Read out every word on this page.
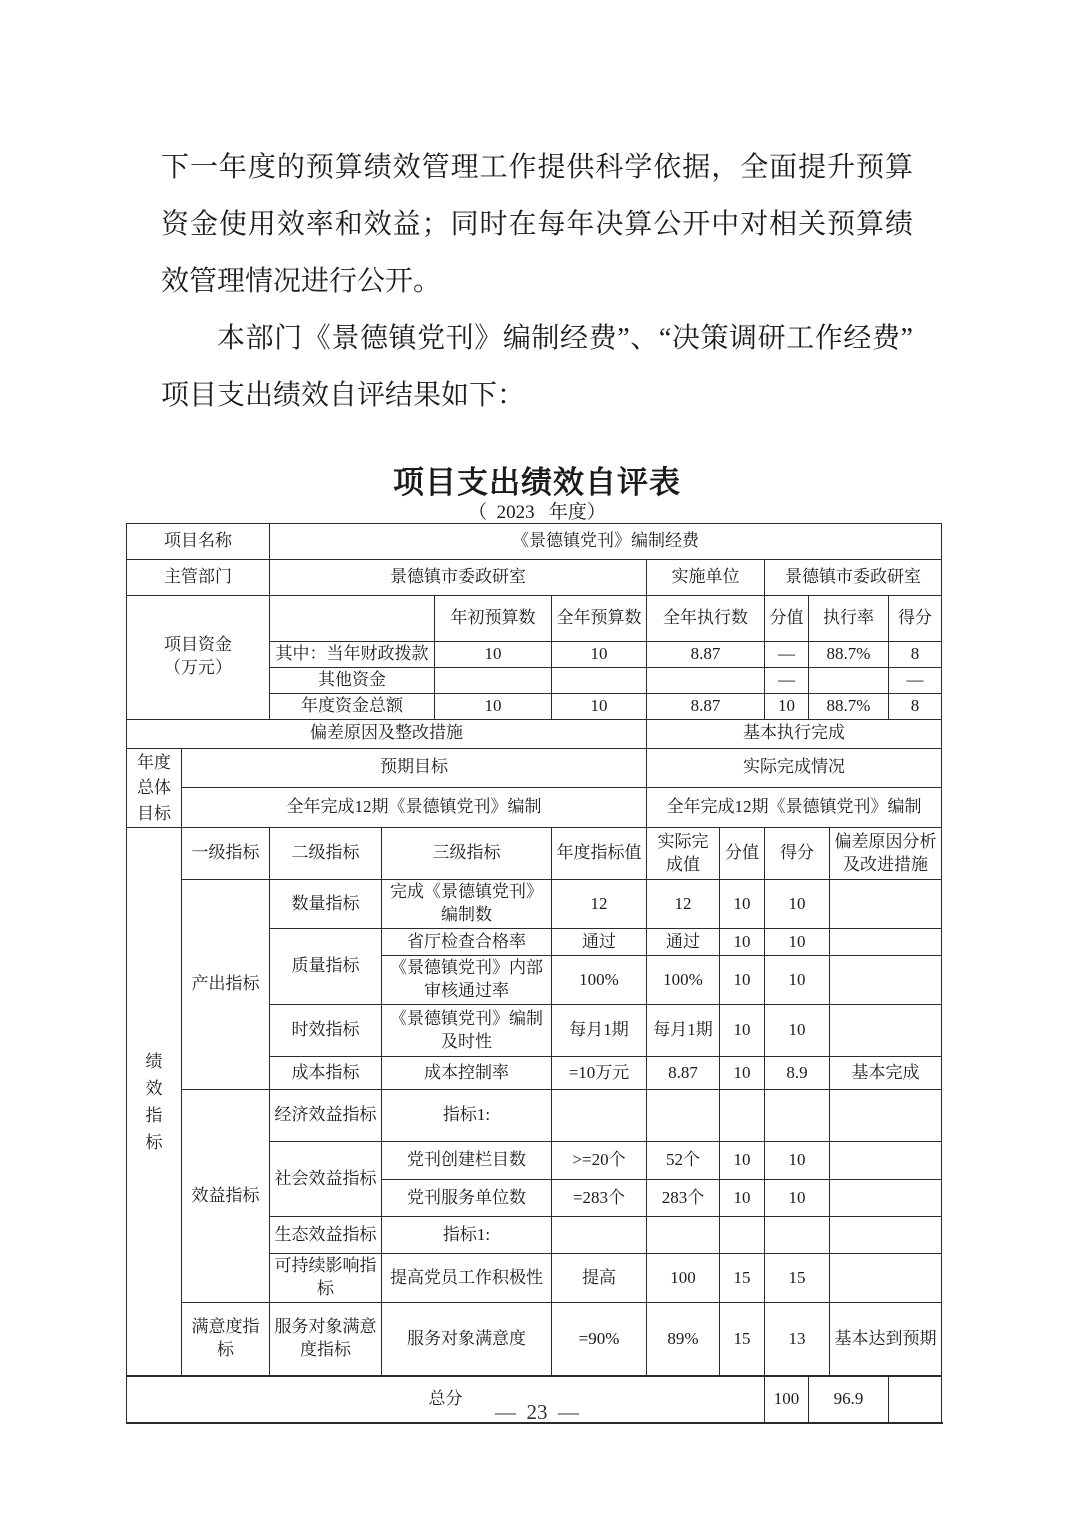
下一年度的预算绩效管理工作提供科学依据，全面提升预算资金使用效率和效益；同时在每年决算公开中对相关预算绩效管理情况进行公开。

本部门《景德镇党刊》编制经费”、“决策调研工作经费”　项目支出绩效自评结果如下：

项目支出绩效自评表
（  2023   年度）
项目名称		《景德镇党刊》编制经费									
主管部门		景德镇市委政研室				实施单位		景德镇市委政研室			

项目资金（万元）				年初预算数	全年预算数	全年执行数		分值	执行率		得分
		其中：当年财政拨款		10	10	8.87		—	88.7%		8
		其他资金						—			—
		年度资金总额		10	10	8.87		10	88.7%		8
偏差原因及整改措施						基本执行完成					

年度总体目标	预期目标					实际完成情况					
	全年完成12期《景德镇党刊》编制					全年完成12期《景德镇党刊》编制					

绩效指标	一级指标	二级指标	三级指标		年度指标值	实际完成值	分值	得分		偏差原因分析及改进措施	
	产出指标	数量指标	完成《景德镇党刊》编制数		12	12	10	10			
		质量指标	省厅检查合格率		通过	通过	10	10			
			《景德镇党刊》内部审核通过率		100%	100%	10	10			
		时效指标	《景德镇党刊》编制及时性		每月1期	每月1期	10	10			
		成本指标	成本控制率		=10万元	8.87	10	8.9		基本完成	
	效益指标	经济效益指标	指标1:								
		社会效益指标	党刊创建栏目数		>=20个	52个	10	10			
			党刊服务单位数		=283个	283个	10	10			
		生态效益指标	指标1:								
		可持续影响指标	提高党员工作积极性		提高	100	15	15			
	满意度指标	服务对象满意度指标	服务对象满意度		=90%	89%	15	13		基本达到预期	
总分								100	96.9		
—  23  —
